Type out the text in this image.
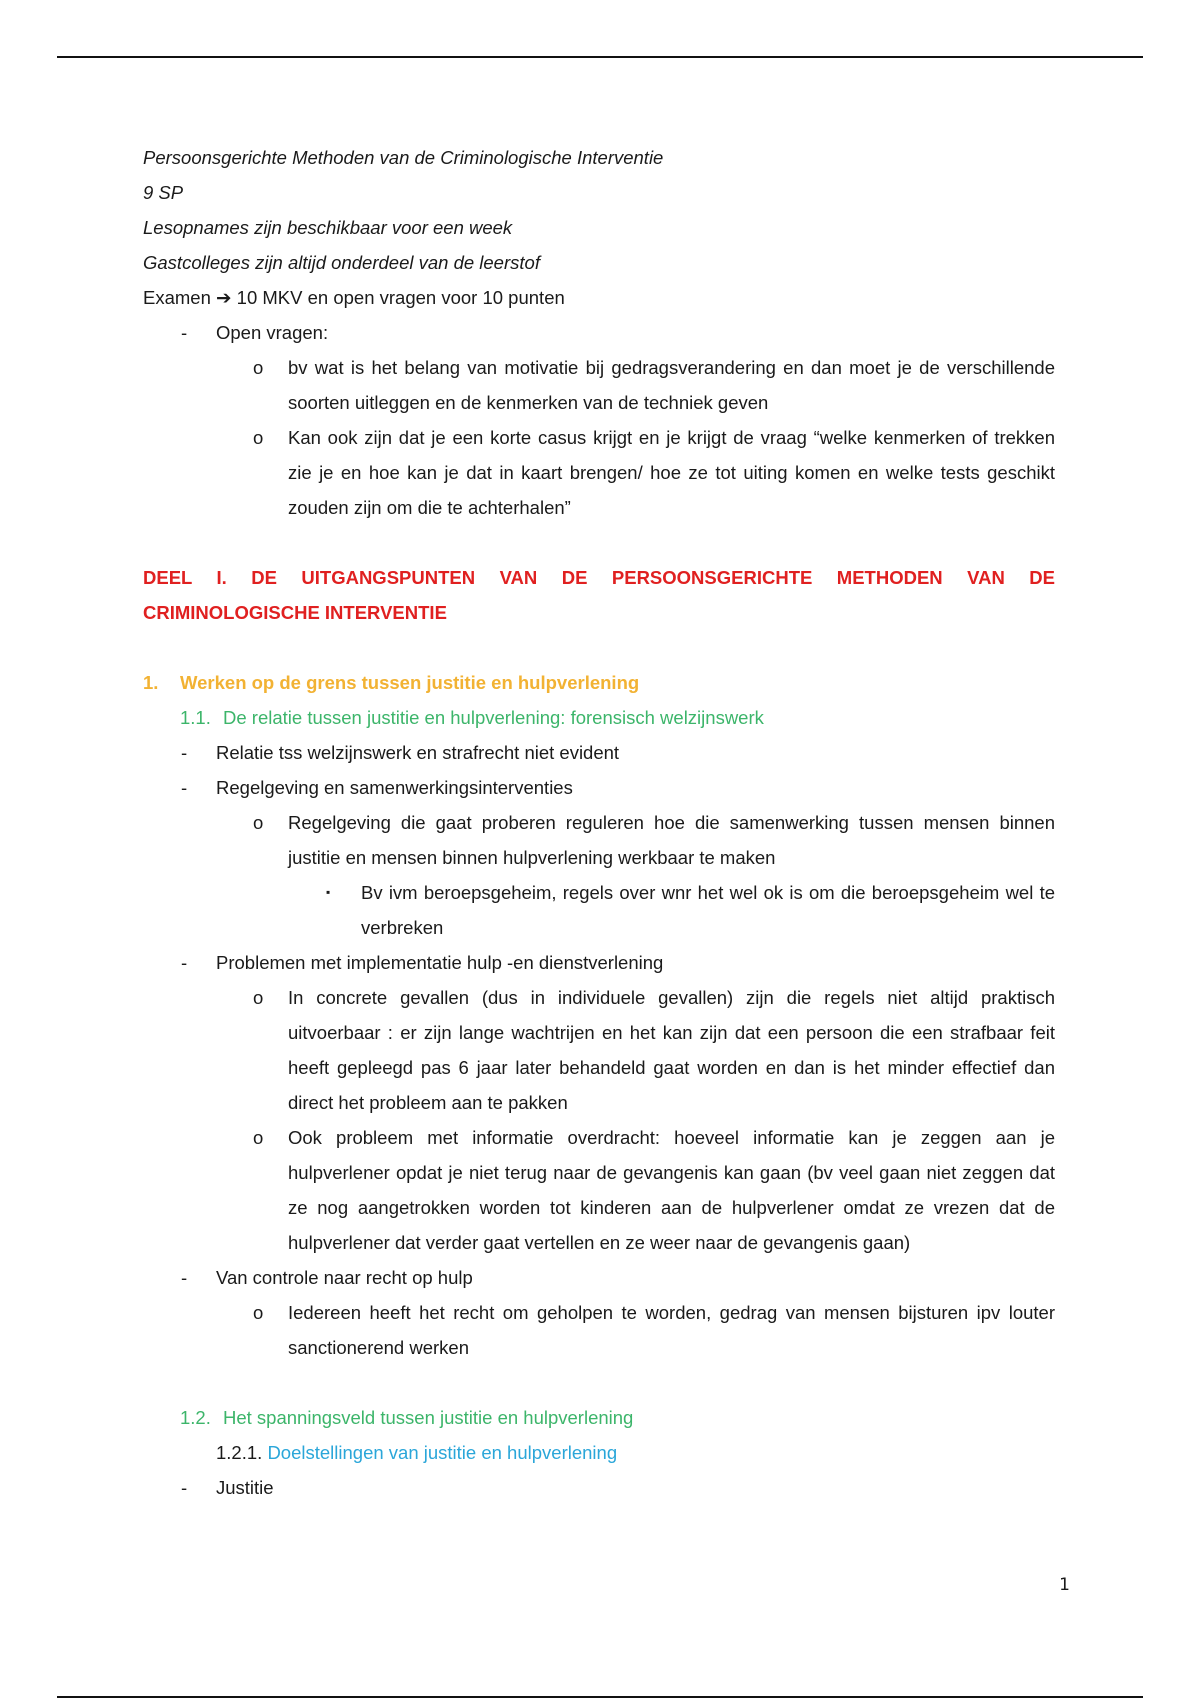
Persoonsgerichte Methoden van de Criminologische Interventie
9 SP
Lesopnames zijn beschikbaar voor een week
Gastcolleges zijn altijd onderdeel van de leerstof
Examen ➔ 10 MKV en open vragen voor 10 punten
- Open vragen:
o bv wat is het belang van motivatie bij gedragsverandering en dan moet je de verschillende soorten uitleggen en de kenmerken van de techniek geven
o Kan ook zijn dat je een korte casus krijgt en je krijgt de vraag “welke kenmerken of trekken zie je en hoe kan je dat in kaart brengen/ hoe ze tot uiting komen en welke tests geschikt zouden zijn om die te achterhalen”
DEEL I. DE UITGANGSPUNTEN VAN DE PERSOONSGERICHTE METHODEN VAN DE CRIMINOLOGISCHE INTERVENTIE
1. Werken op de grens tussen justitie en hulpverlening
1.1. De relatie tussen justitie en hulpverlening: forensisch welzijnswerk
- Relatie tss welzijnswerk en strafrecht niet evident
- Regelgeving en samenwerkingsinterventies
o Regelgeving die gaat proberen reguleren hoe die samenwerking tussen mensen binnen justitie en mensen binnen hulpverlening werkbaar te maken
▪ Bv ivm beroepsgeheim, regels over wnr het wel ok is om die beroepsgeheim wel te verbreken
- Problemen met implementatie hulp -en dienstverlening
o In concrete gevallen (dus in individuele gevallen) zijn die regels niet altijd praktisch uitvoerbaar : er zijn lange wachtrijen en het kan zijn dat een persoon die een strafbaar feit heeft gepleegd pas 6 jaar later behandeld gaat worden en dan is het minder effectief dan direct het probleem aan te pakken
o Ook probleem met informatie overdracht: hoeveel informatie kan je zeggen aan je hulpverlener opdat je niet terug naar de gevangenis kan gaan (bv veel gaan niet zeggen dat ze nog aangetrokken worden tot kinderen aan de hulpverlener omdat ze vrezen dat de hulpverlener dat verder gaat vertellen en ze weer naar de gevangenis gaan)
- Van controle naar recht op hulp
o Iedereen heeft het recht om geholpen te worden, gedrag van mensen bijsturen ipv louter sanctionerend werken
1.2. Het spanningsveld tussen justitie en hulpverlening
1.2.1. Doelstellingen van justitie en hulpverlening
- Justitie
1
